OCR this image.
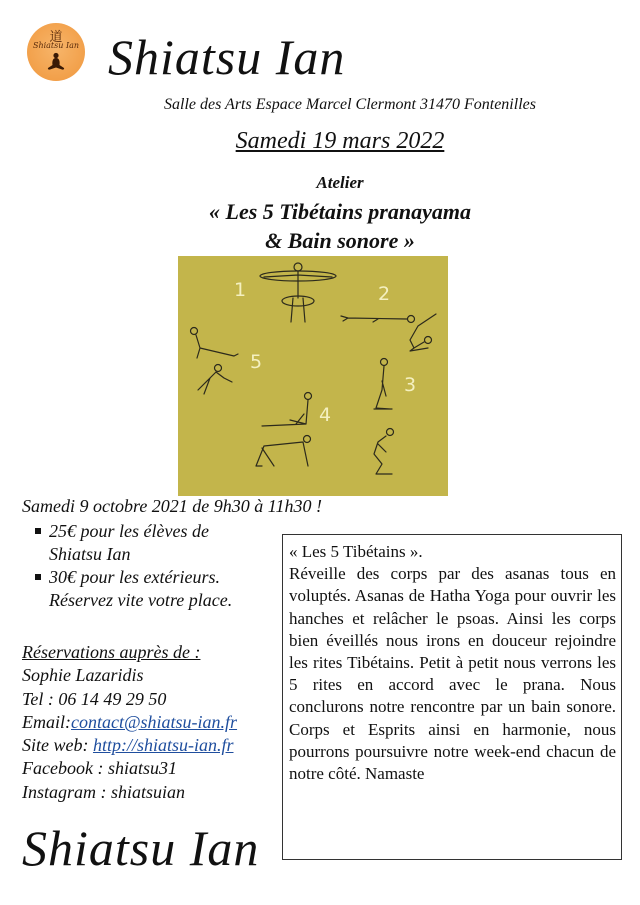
道
Shiatsu Ian Shiatsu Ian
Salle des Arts Espace Marcel Clermont 31470 Fontenilles
Samedi 19 mars 2022
Atelier
« Les 5 Tibétains pranayama
& Bain sonore »
1	2
3
4
5
Samedi 9 octobre 2021 de 9h30 à 11h30 !
25€ pour les élèves de
Shiatsu Ian
30€ pour les extérieurs.
Réservez vite votre place.
Réservations auprès de :
Sophie Lazaridis
Tel : 06 14 49 29 50
Email:contact@shiatsu-ian.fr
Site web: http://shiatsu-ian.fr
Facebook : shiatsu31
Instagram : shiatsuian
Shiatsu Ian
« Les 5 Tibétains ».

Réveille des corps par des asanas tous en voluptés. Asanas de Hatha Yoga pour ouvrir les hanches et relâcher le psoas. Ainsi les corps bien éveillés nous irons en douceur rejoindre les rites Tibétains. Petit à petit nous verrons les 5 rites en accord avec le prana. Nous conclurons notre rencontre par un bain sonore. Corps et Esprits ainsi en harmonie, nous pourrons poursuivre notre week-end chacun de notre côté. Namaste
